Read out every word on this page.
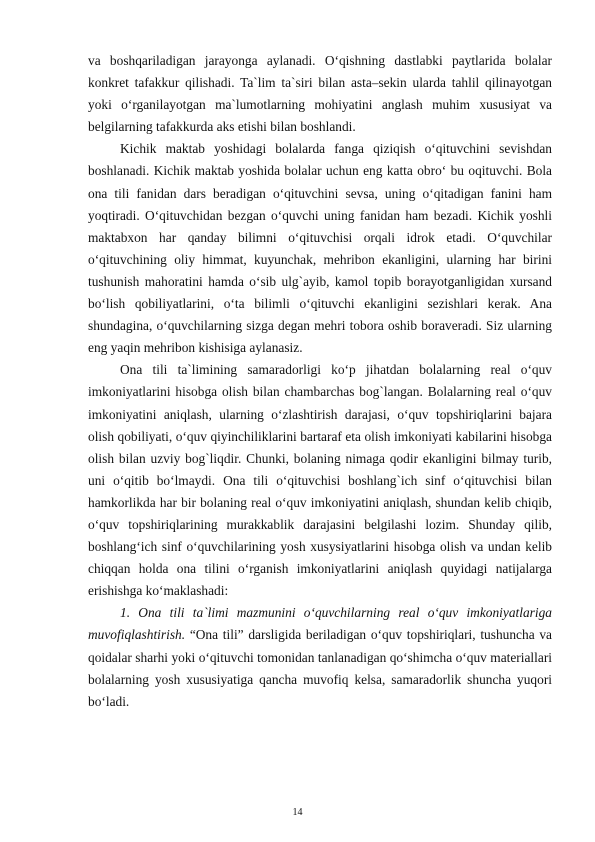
va boshqariladigan jarayonga aylanadi. O‘qishning dastlabki paytlarida bolalar konkret tafakkur qilishadi. Ta`lim ta`siri bilan asta–sekin ularda tahlil qilinayotgan yoki o‘rganilayotgan ma`lumotlarning mohiyatini anglash muhim xususiyat va belgilarning tafakkurda aks etishi bilan boshlandi.

Kichik maktab yoshidagi bolalarda fanga qiziqish o‘qituvchini sevishdan boshlanadi. Kichik maktab yoshida bolalar uchun eng katta obro‘ bu oqituvchi. Bola ona tili fanidan dars beradigan o‘qituvchini sevsa, uning o‘qitadigan fanini ham yoqtiradi. O‘qituvchidan bezgan o‘quvchi uning fanidan ham bezadi. Kichik yoshli maktabxon har qanday bilimni o‘qituvchisi orqali idrok etadi. O‘quvchilar o‘qituvchining oliy himmat, kuyunchak, mehribon ekanligini, ularning har birini tushunish mahoratini hamda o‘sib ulg`ayib, kamol topib borayotganligidan xursand bo‘lish qobiliyatlarini, o‘ta bilimli o‘qituvchi ekanligini sezishlari kerak. Ana shundagina, o‘quvchilarning sizga degan mehri tobora oshib boraveradi. Siz ularning eng yaqin mehribon kishisiga aylanasiz.

Ona tili ta`limining samaradorligi ko‘p jihatdan bolalarning real o‘quv imkoniyatlarini hisobga olish bilan chambarchas bog`langan. Bolalarning real o‘quv imkoniyatini aniqlash, ularning o‘zlashtirish darajasi, o‘quv topshiriqlarini bajara olish qobiliyati, o‘quv qiyinchiliklarini bartaraf eta olish imkoniyati kabilarini hisobga olish bilan uzviy bog`liqdir. Chunki, bolaning nimaga qodir ekanligini bilmay turib, uni o‘qitib bo‘lmaydi. Ona tili o‘qituvchisi boshlang`ich sinf o‘qituvchisi bilan hamkorlikda har bir bolaning real o‘quv imkoniyatini aniqlash, shundan kelib chiqib, o‘quv topshiriqlarining murakkablik darajasini belgilashi lozim. Shunday qilib, boshlang‘ich sinf o‘quvchilarining yosh xusysiyatlarini hisobga olish va undan kelib chiqqan holda ona tilini o‘rganish imkoniyatlarini aniqlash quyidagi natijalarga erishishga ko‘maklashadi:

1. Ona tili ta`limi mazmunini o‘quvchilarning real o‘quv imkoniyatlariga muvofiqlashtirish. “Ona tili” darsligida beriladigan o‘quv topshiriqlari, tushuncha va qoidalar sharhi yoki o‘qituvchi tomonidan tanlanadigan qo‘shimcha o‘quv materiallari bolalarning yosh xususiyatiga qancha muvofiq kelsa, samaradorlik shuncha yuqori bo‘ladi.

14
